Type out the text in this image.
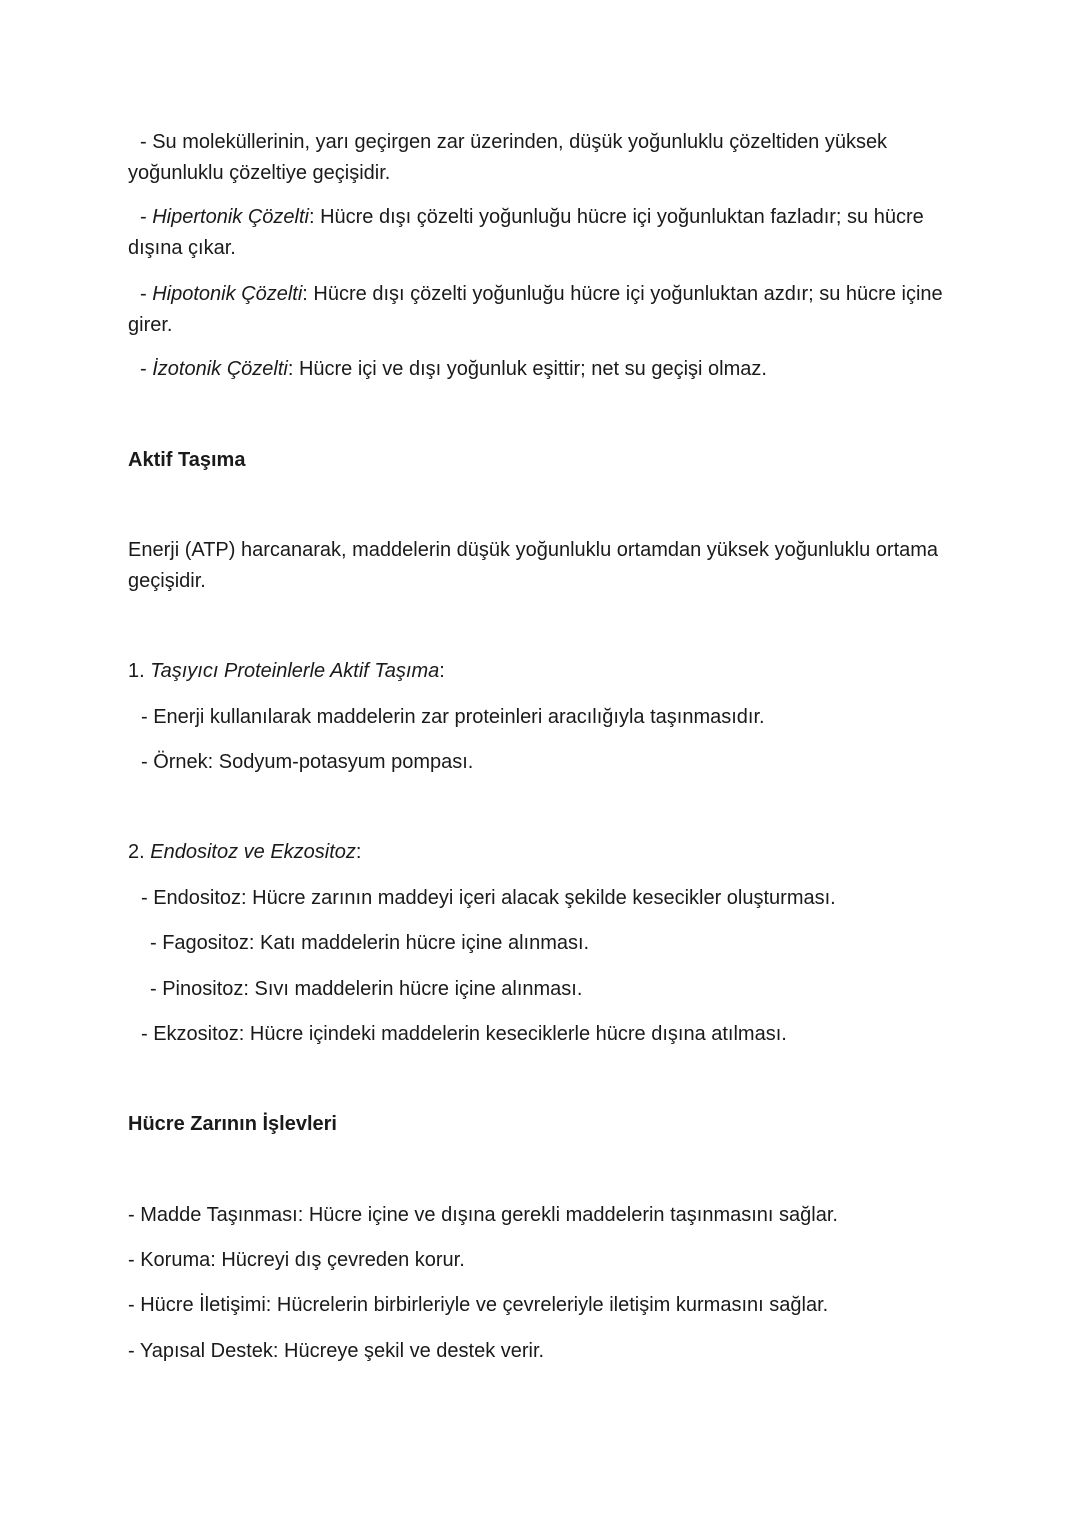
- Su moleküllerinin, yarı geçirgen zar üzerinden, düşük yoğunluklu çözeltiden yüksek yoğunluklu çözeltiye geçişidir.

- Hipertonik Çözelti: Hücre dışı çözelti yoğunluğu hücre içi yoğunluktan fazladır; su hücre dışına çıkar.

- Hipotonik Çözelti: Hücre dışı çözelti yoğunluğu hücre içi yoğunluktan azdır; su hücre içine girer.

- İzotonik Çözelti: Hücre içi ve dışı yoğunluk eşittir; net su geçişi olmaz.

Aktif Taşıma

Enerji (ATP) harcanarak, maddelerin düşük yoğunluklu ortamdan yüksek yoğunluklu ortama geçişidir.

1. Taşıyıcı Proteinlerle Aktif Taşıma:

- Enerji kullanılarak maddelerin zar proteinleri aracılığıyla taşınmasıdır.

- Örnek: Sodyum-potasyum pompası.

2. Endositoz ve Ekzositoz:

- Endositoz: Hücre zarının maddeyi içeri alacak şekilde kesecikler oluşturması.

- Fagositoz: Katı maddelerin hücre içine alınması.

- Pinositoz: Sıvı maddelerin hücre içine alınması.

- Ekzositoz: Hücre içindeki maddelerin keseciklerle hücre dışına atılması.

Hücre Zarının İşlevleri

- Madde Taşınması: Hücre içine ve dışına gerekli maddelerin taşınmasını sağlar.

- Koruma: Hücreyi dış çevreden korur.

- Hücre İletişimi: Hücrelerin birbirleriyle ve çevreleriyle iletişim kurmasını sağlar.

- Yapısal Destek: Hücreye şekil ve destek verir.
